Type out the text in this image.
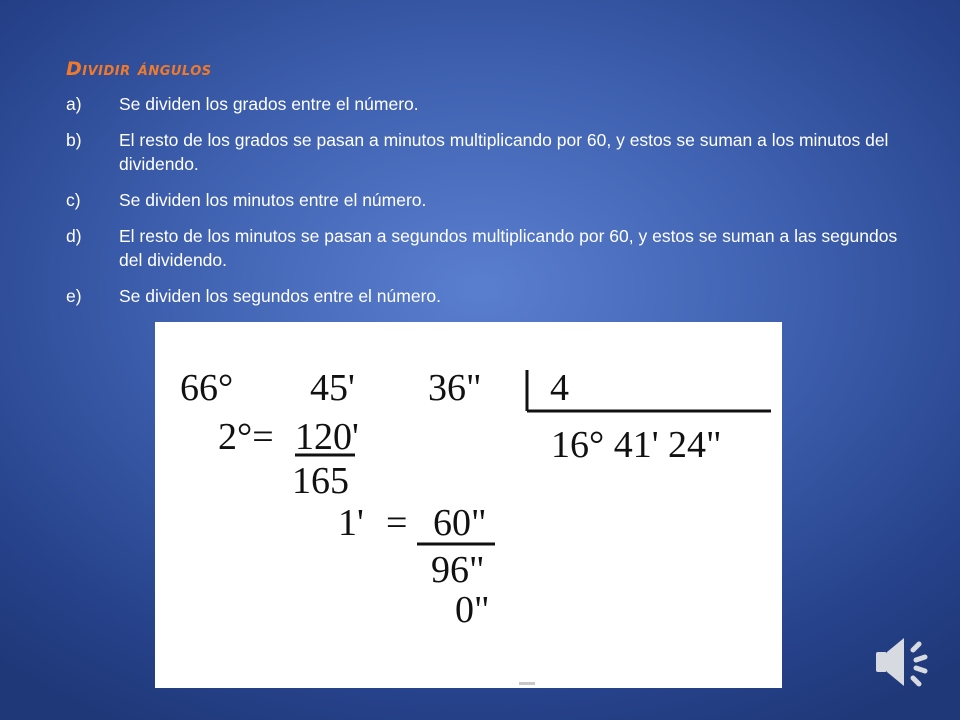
Dividir ángulos
a) Se dividen los grados entre el número.
b) El resto de los grados se pasan a minutos multiplicando por 60, y estos se suman a los minutos del dividendo.
c) Se dividen los minutos entre el número.
d) El resto de los minutos se pasan a segundos multiplicando por 60, y estos se suman a las segundos del dividendo.
e) Se dividen los segundos entre el número.
66° 45' 36"
2°= 120'
165
1' = 60"
96"
0"
4
16° 41' 24"
